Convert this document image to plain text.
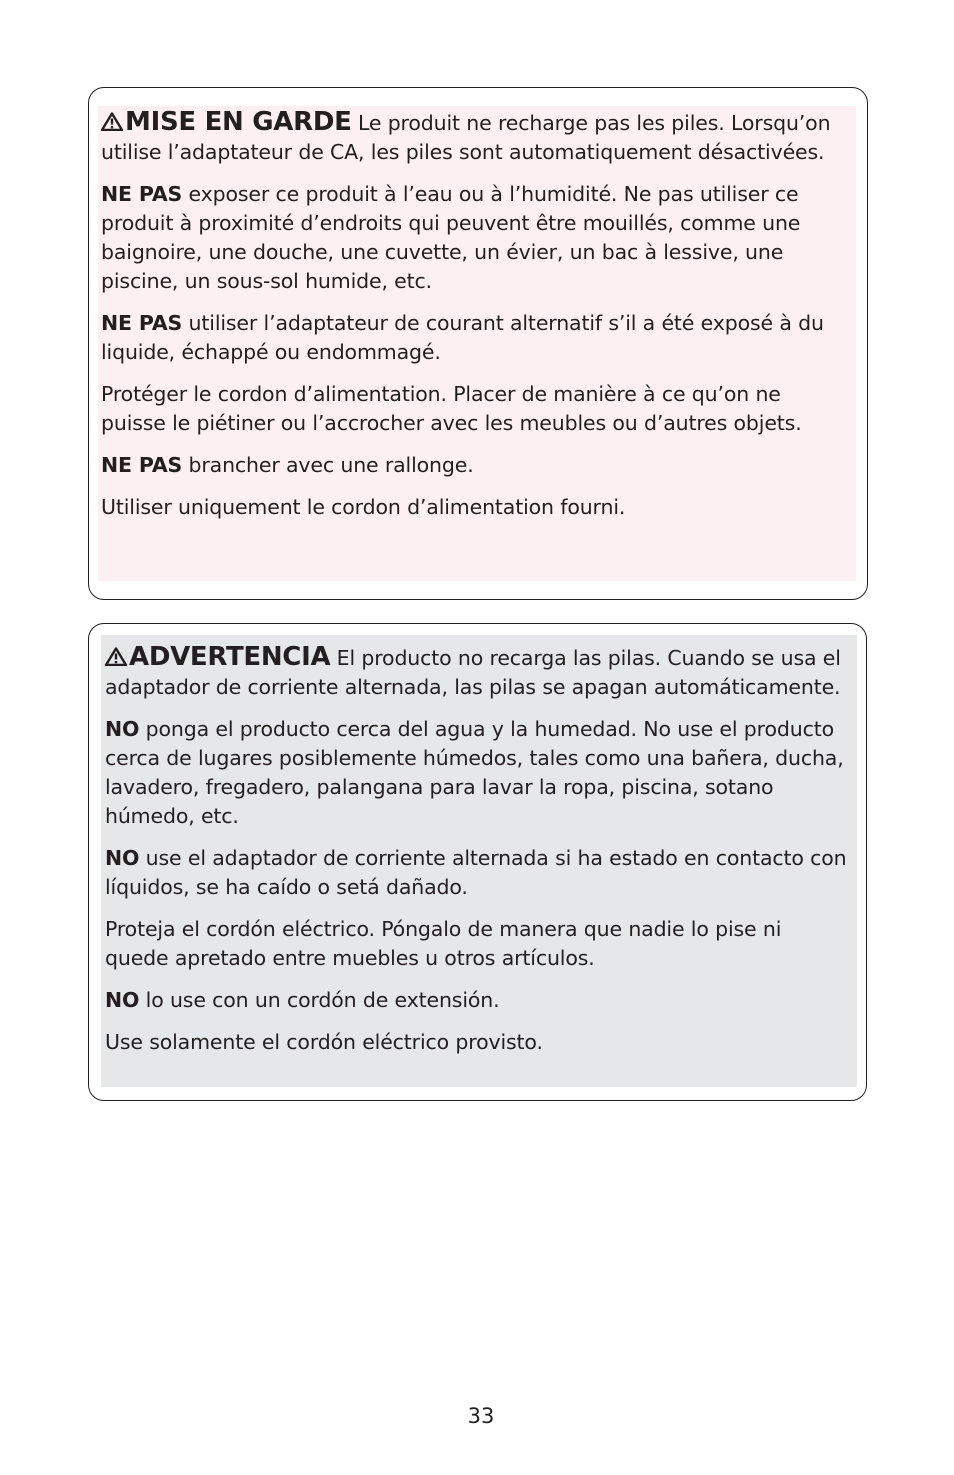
MISE EN GARDE Le produit ne recharge pas les piles. Lorsqu’on utilise l’adaptateur de CA, les piles sont automatiquement désactivées.

NE PAS exposer ce produit à l’eau ou à l’humidité. Ne pas utiliser ce produit à proximité d’endroits qui peuvent être mouillés, comme une baignoire, une douche, une cuvette, un évier, un bac à lessive, une piscine, un sous-sol humide, etc.

NE PAS utiliser l’adaptateur de courant alternatif s’il a été exposé à du liquide, échappé ou endommagé.

Protéger le cordon d’alimentation. Placer de manière à ce qu’on ne puisse le piétiner ou l’accrocher avec les meubles ou d’autres objets.

NE PAS brancher avec une rallonge.

Utiliser uniquement le cordon d’alimentation fourni.

ADVERTENCIA El producto no recarga las pilas. Cuando se usa el adaptador de corriente alternada, las pilas se apagan automáticamente.

NO ponga el producto cerca del agua y la humedad. No use el producto cerca de lugares posiblemente húmedos, tales como una bañera, ducha, lavadero, fregadero, palangana para lavar la ropa, piscina, sotano húmedo, etc.

NO use el adaptador de corriente alternada si ha estado en contacto con líquidos, se ha caído o setá dañado.

Proteja el cordón eléctrico. Póngalo de manera que nadie lo pise ni quede apretado entre muebles u otros artículos.

NO lo use con un cordón de extensión.

Use solamente el cordón eléctrico provisto.

33
